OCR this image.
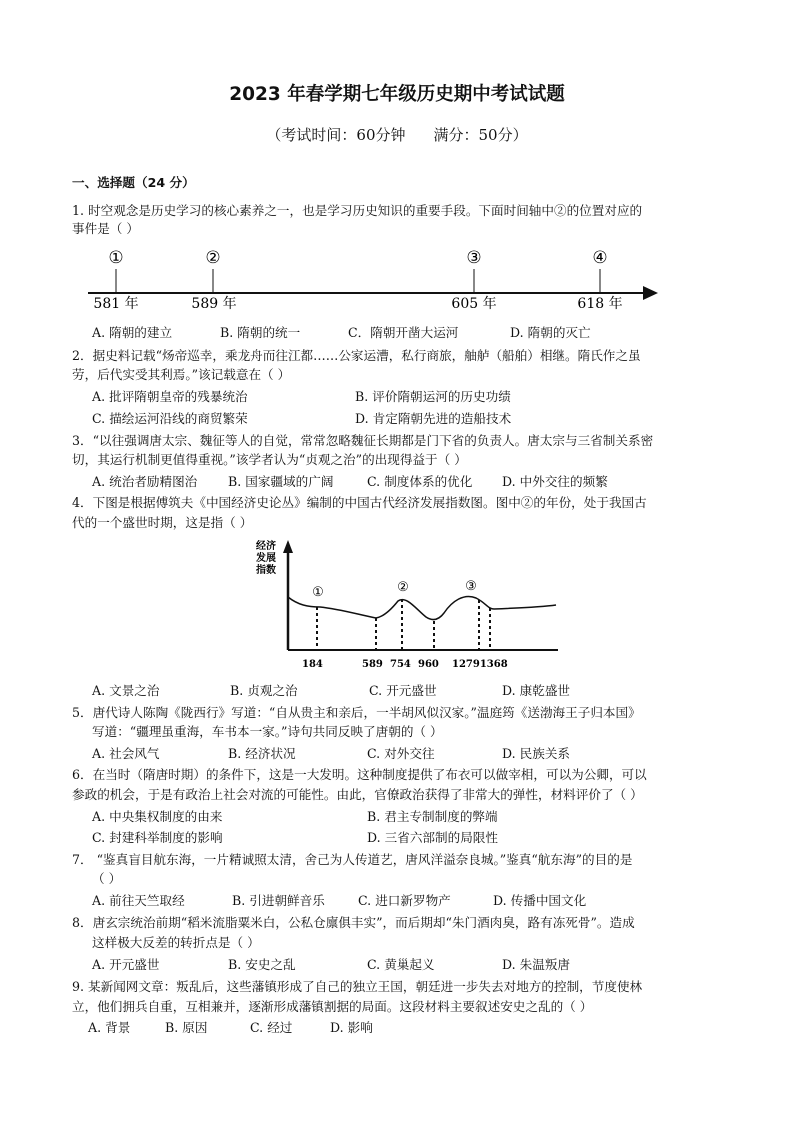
2023 年春学期七年级历史期中考试试题
（考试时间：60分钟 满分：50分）
一、选择题（24 分）
1. 时空观念是历史学习的核心素养之一，也是学习历史知识的重要手段。下面时间轴中②的位置对应的
事件是（ ）
①
581 年
②
589 年
③
605 年
④
618 年
A. 隋朝的建立	B. 隋朝的统一	C．隋朝开凿大运河	D. 隋朝的灭亡
2．据史料记载“炀帝巡幸，乘龙舟而往江都……公家运漕，私行商旅，舳舻（船舶）相继。隋氏作之虽
劳，后代实受其利焉。”该记载意在（ ）
A. 批评隋朝皇帝的残暴统治	B. 评价隋朝运河的历史功绩
C. 描绘运河沿线的商贸繁荣	D. 肯定隋朝先进的造船技术
3．“以往强调唐太宗、魏征等人的自觉，常常忽略魏征长期都是门下省的负责人。唐太宗与三省制关系密
切，其运行机制更值得重视。”该学者认为“贞观之治”的出现得益于（ ）
A. 统治者励精图治 B. 国家疆域的广阔	C. 制度体系的优化 D. 中外交往的频繁
4．下图是根据傅筑夫《中国经济史论丛》编制的中国古代经济发展指数图。图中②的年份，处于我国古
代的一个盛世时期，这是指（ ）
经济 发展 指数
①	②	③
184	589 754 960 12791368
A. 文景之治	B. 贞观之治	C. 开元盛世	D. 康乾盛世
5．唐代诗人陈陶《陇西行》写道：“自从贵主和亲后，一半胡风似汉家。”温庭筠《送渤海王子归本国》
写道：“疆理虽重海，车书本一家。”诗句共同反映了唐朝的（ ）
A. 社会风气	B. 经济状况	C. 对外交往	D. 民族关系
6．在当时（隋唐时期）的条件下，这是一大发明。这种制度提供了布衣可以做宰相，可以为公卿，可以
参政的机会，于是有政治上社会对流的可能性。由此，官僚政治获得了非常大的弹性，材料评价了（ ）
A. 中央集权制度的由来	B. 君主专制制度的弊端
C. 封建科举制度的影响	D. 三省六部制的局限性
7． “鉴真盲目航东海，一片精诚照太清，舍己为人传道艺，唐风洋溢奈良城。”鉴真“航东海”的目的是
（ ）
A. 前往天竺取经	B. 引进朝鲜音乐	C. 进口新罗物产	D. 传播中国文化
8．唐玄宗统治前期“稻米流脂粟米白，公私仓廪俱丰实”，而后期却“朱门酒肉臭，路有冻死骨”。造成
这样极大反差的转折点是（ ）
A. 开元盛世	B. 安史之乱	C. 黄巢起义	D. 朱温叛唐
9. 某新闻网文章：叛乱后，这些藩镇形成了自己的独立王国，朝廷进一步失去对地方的控制，节度使林
立，他们拥兵自重，互相兼并，逐渐形成藩镇割据的局面。这段材料主要叙述安史之乱的（ ）
A. 背景	B. 原因	C. 经过	D. 影响
